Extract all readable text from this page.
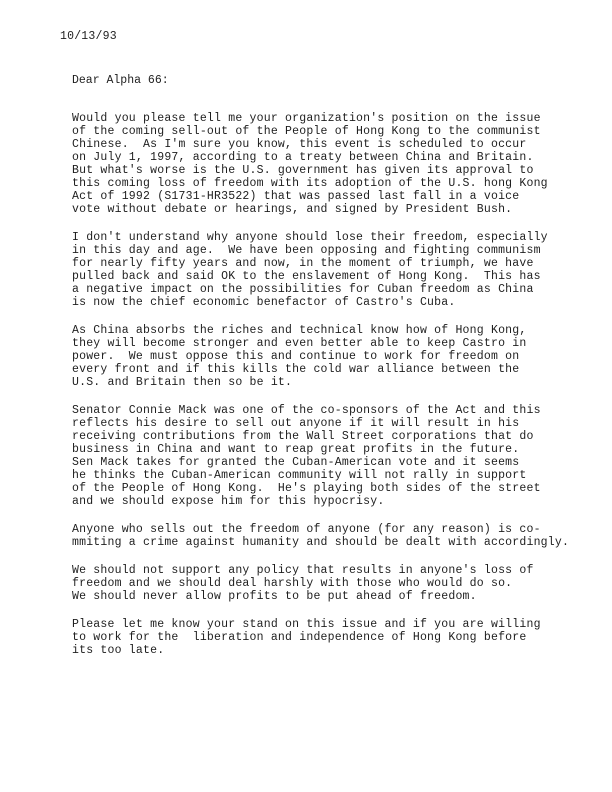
10/13/93
Dear Alpha 66:
Would you please tell me your organization's position on the issue
of the coming sell-out of the People of Hong Kong to the communist
Chinese.  As I'm sure you know, this event is scheduled to occur
on July 1, 1997, according to a treaty between China and Britain.
But what's worse is the U.S. government has given its approval to
this coming loss of freedom with its adoption of the U.S. hong Kong
Act of 1992 (S1731-HR3522) that was passed last fall in a voice
vote without debate or hearings, and signed by President Bush.
I don't understand why anyone should lose their freedom, especially
in this day and age.  We have been opposing and fighting communism
for nearly fifty years and now, in the moment of triumph, we have
pulled back and said OK to the enslavement of Hong Kong.  This has
a negative impact on the possibilities for Cuban freedom as China
is now the chief economic benefactor of Castro's Cuba.
As China absorbs the riches and technical know how of Hong Kong,
they will become stronger and even better able to keep Castro in
power.  We must oppose this and continue to work for freedom on
every front and if this kills the cold war alliance between the
U.S. and Britain then so be it.
Senator Connie Mack was one of the co-sponsors of the Act and this
reflects his desire to sell out anyone if it will result in his
receiving contributions from the Wall Street corporations that do
business in China and want to reap great profits in the future.
Sen Mack takes for granted the Cuban-American vote and it seems
he thinks the Cuban-American community will not rally in support
of the People of Hong Kong.  He's playing both sides of the street
and we should expose him for this hypocrisy.
Anyone who sells out the freedom of anyone (for any reason) is co-
mmiting a crime against humanity and should be dealt with accordingly.
We should not support any policy that results in anyone's loss of
freedom and we should deal harshly with those who would do so.
We should never allow profits to be put ahead of freedom.
Please let me know your stand on this issue and if you are willing
to work for the  liberation and independence of Hong Kong before
its too late.
